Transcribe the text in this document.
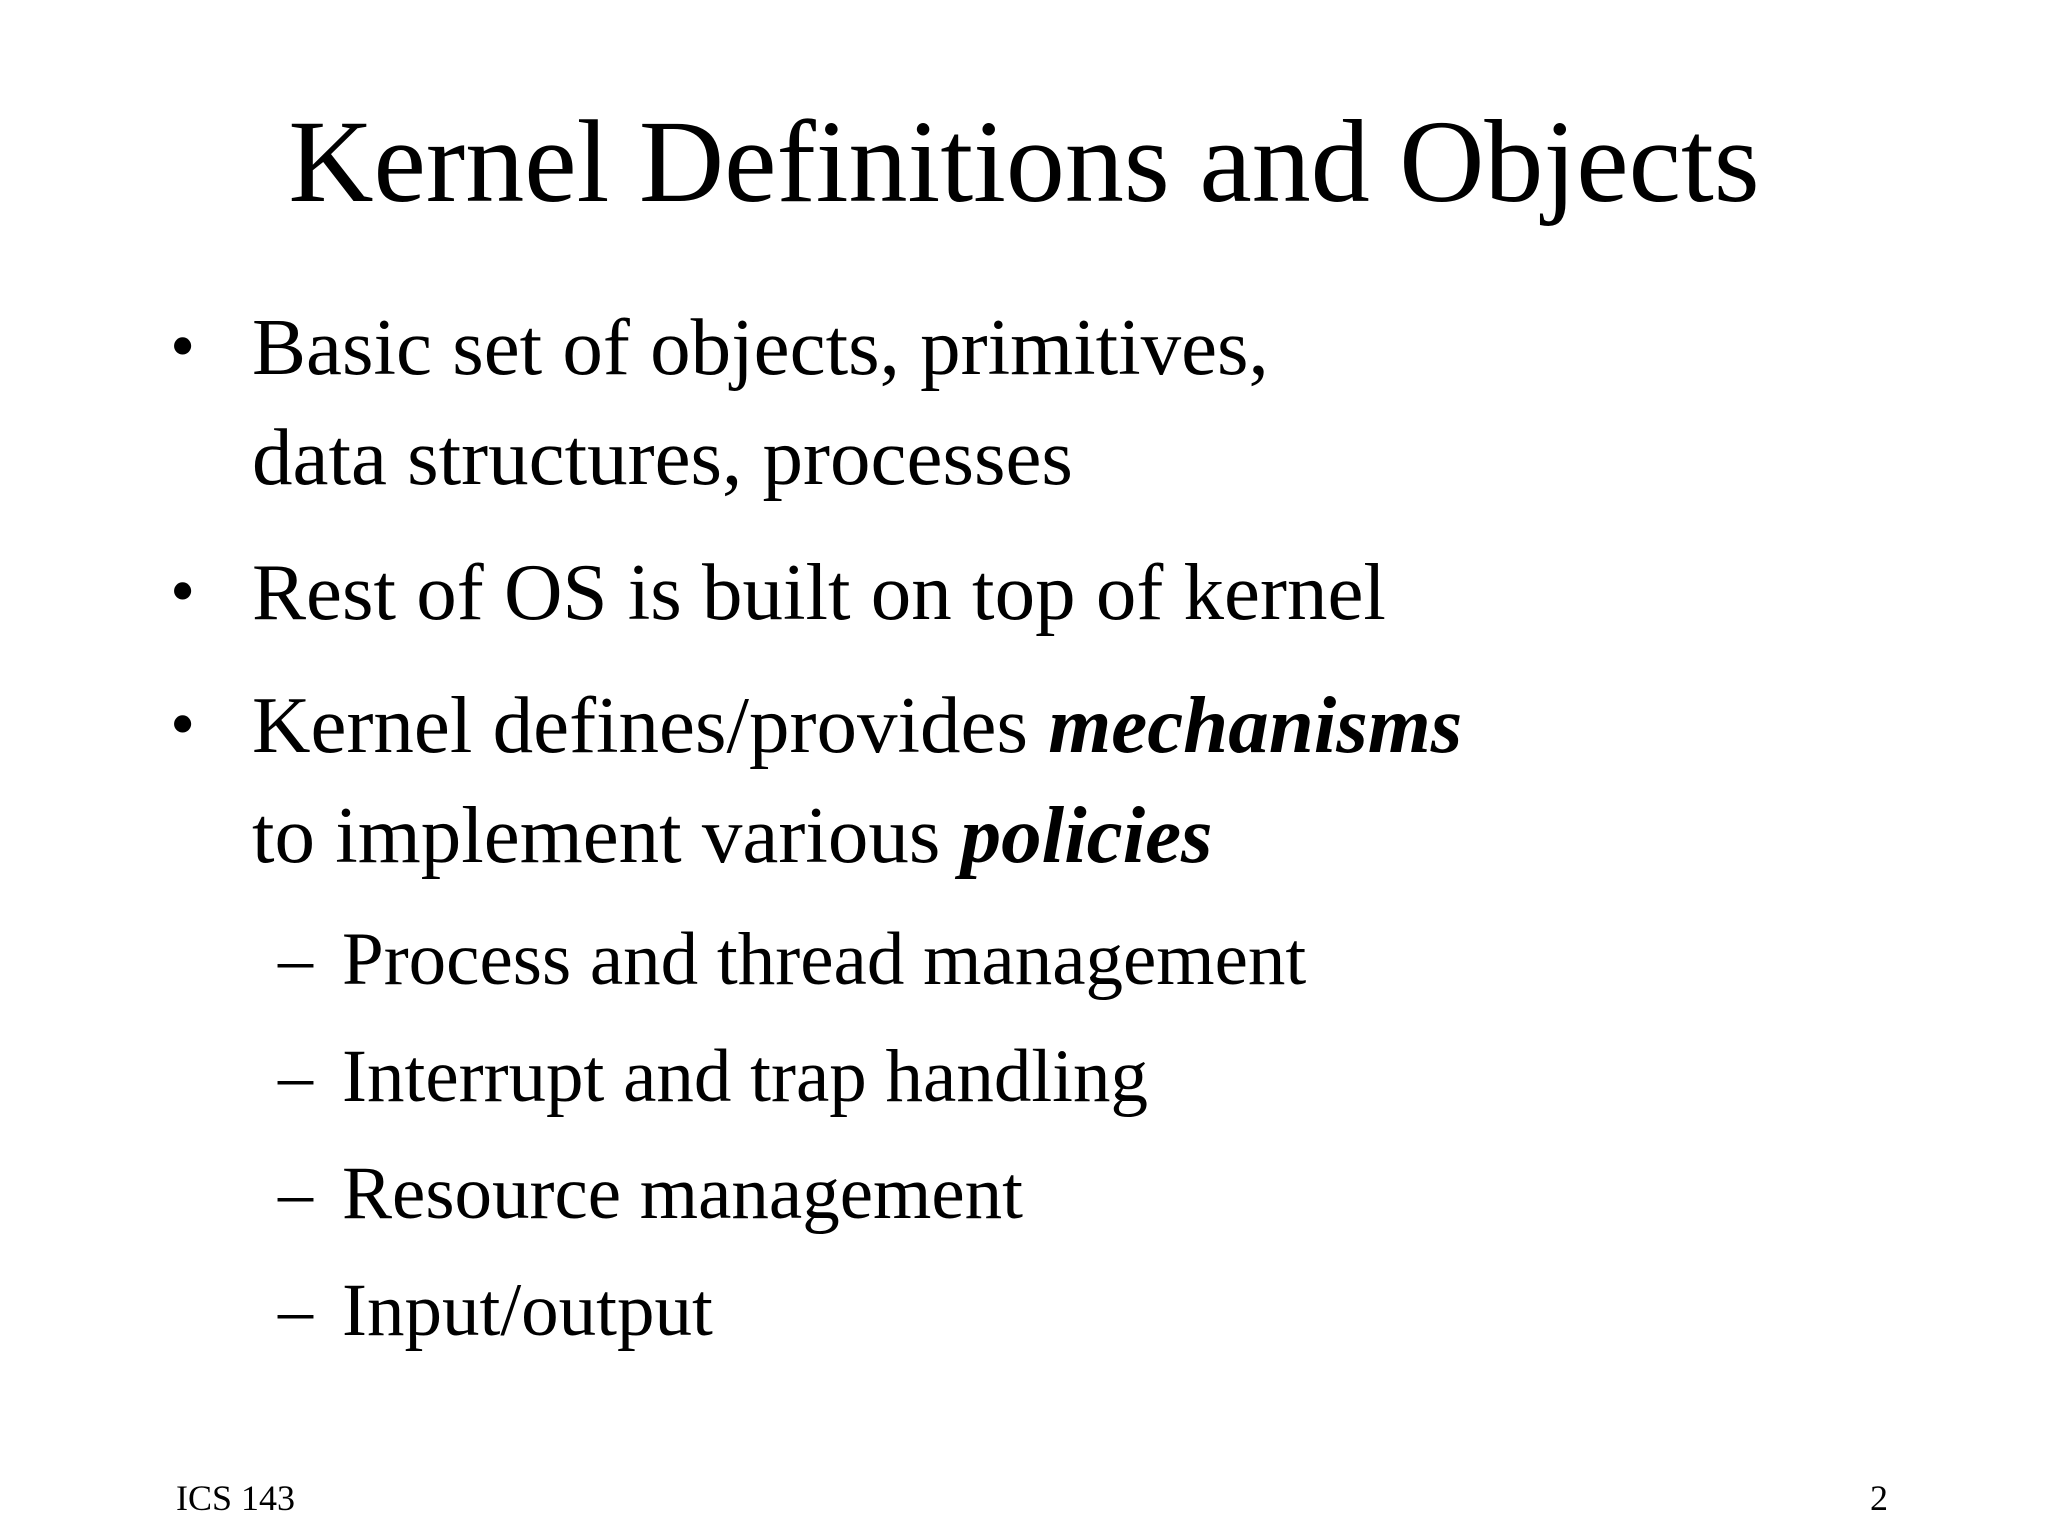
Kernel Definitions and Objects
• Basic set of objects, primitives,
data structures, processes
• Rest of OS is built on top of kernel
• Kernel defines/provides mechanisms
to implement various policies
– Process and thread management
– Interrupt and trap handling
– Resource management
– Input/output
ICS 143	2
